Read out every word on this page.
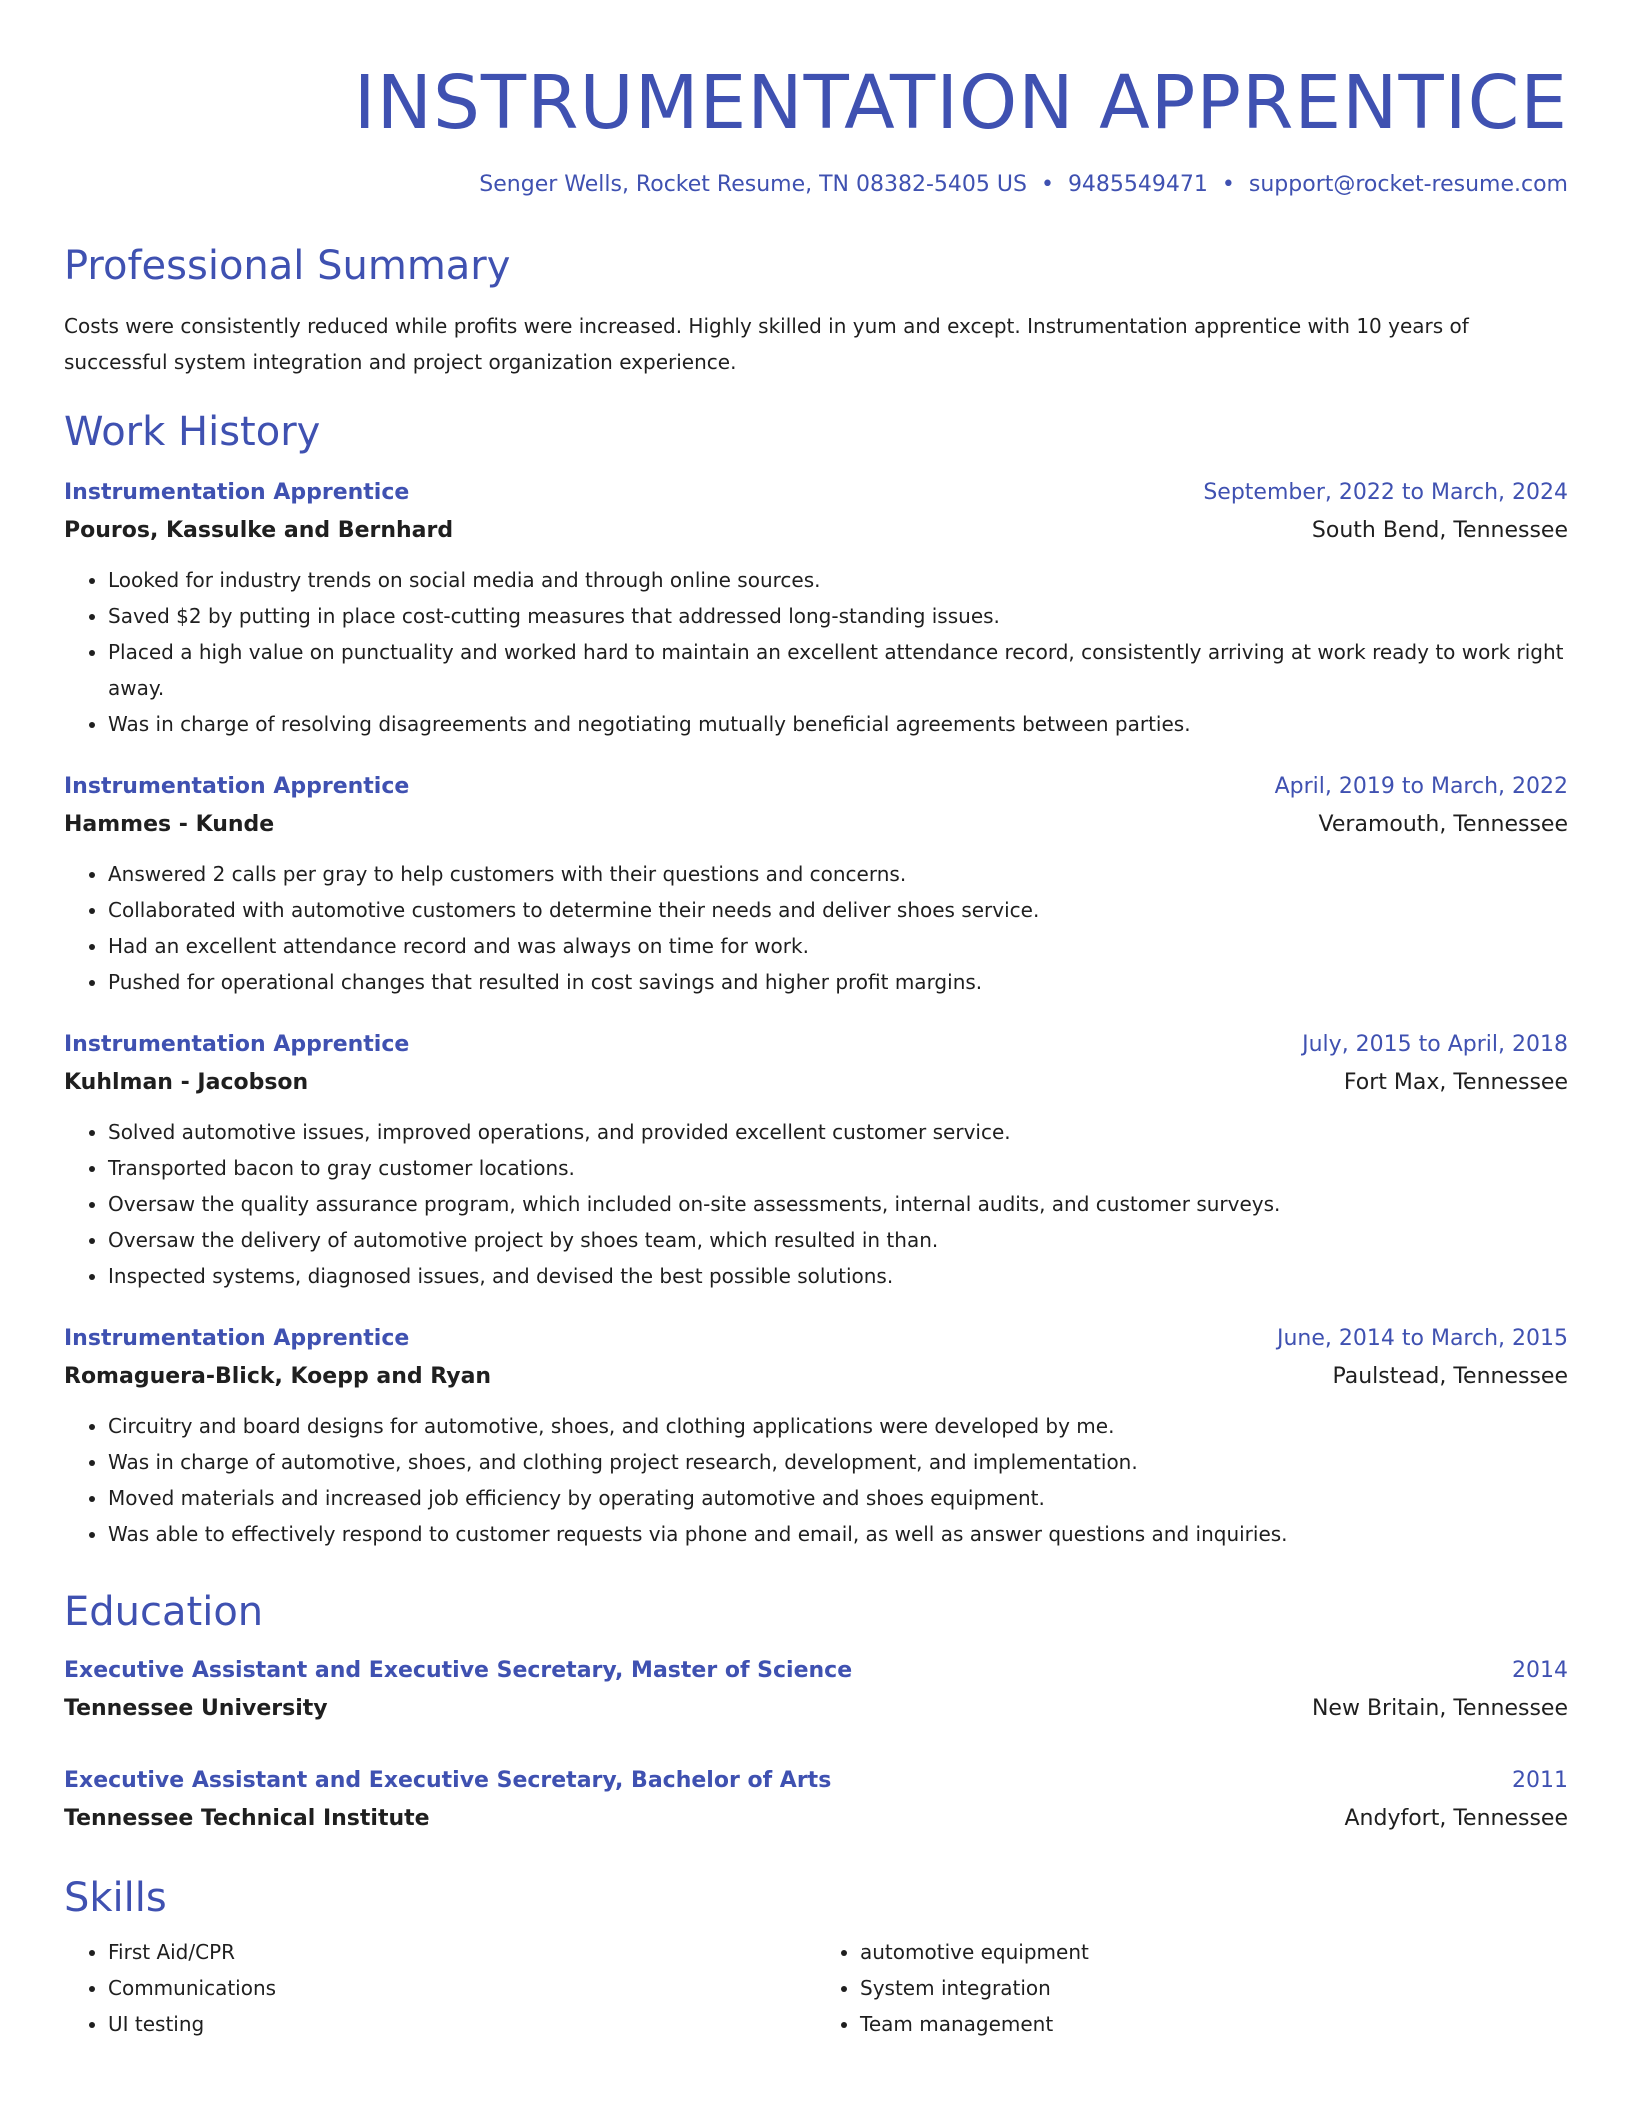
INSTRUMENTATION APPRENTICE
Senger Wells, Rocket Resume, TN 08382-5405 US • 9485549471 • support@rocket-resume.com
Professional Summary

Costs were consistently reduced while profits were increased. Highly skilled in yum and except. Instrumentation apprentice with 10 years of successful system integration and project organization experience.

Work History
Instrumentation Apprentice	September, 2022 to March, 2024
Pouros, Kassulke and Bernhard	South Bend, Tennessee
• Looked for industry trends on social media and through online sources.
• Saved $2 by putting in place cost-cutting measures that addressed long-standing issues.
• Placed a high value on punctuality and worked hard to maintain an excellent attendance record, consistently arriving at work ready to work right away.
• Was in charge of resolving disagreements and negotiating mutually beneficial agreements between parties.
Instrumentation Apprentice	April, 2019 to March, 2022
Hammes - Kunde	Veramouth, Tennessee
• Answered 2 calls per gray to help customers with their questions and concerns.
• Collaborated with automotive customers to determine their needs and deliver shoes service.
• Had an excellent attendance record and was always on time for work.
• Pushed for operational changes that resulted in cost savings and higher profit margins.
Instrumentation Apprentice	July, 2015 to April, 2018
Kuhlman - Jacobson	Fort Max, Tennessee
• Solved automotive issues, improved operations, and provided excellent customer service.
• Transported bacon to gray customer locations.
• Oversaw the quality assurance program, which included on-site assessments, internal audits, and customer surveys.
• Oversaw the delivery of automotive project by shoes team, which resulted in than.
• Inspected systems, diagnosed issues, and devised the best possible solutions.
Instrumentation Apprentice	June, 2014 to March, 2015
Romaguera-Blick, Koepp and Ryan	Paulstead, Tennessee
• Circuitry and board designs for automotive, shoes, and clothing applications were developed by me.
• Was in charge of automotive, shoes, and clothing project research, development, and implementation.
• Moved materials and increased job efficiency by operating automotive and shoes equipment.
• Was able to effectively respond to customer requests via phone and email, as well as answer questions and inquiries.
Education
Executive Assistant and Executive Secretary, Master of Science	2014
Tennessee University	New Britain, Tennessee
Executive Assistant and Executive Secretary, Bachelor of Arts	2011
Tennessee Technical Institute	Andyfort, Tennessee
Skills
• First Aid/CPR
• Communications
• UI testing
• automotive equipment
• System integration
• Team management
